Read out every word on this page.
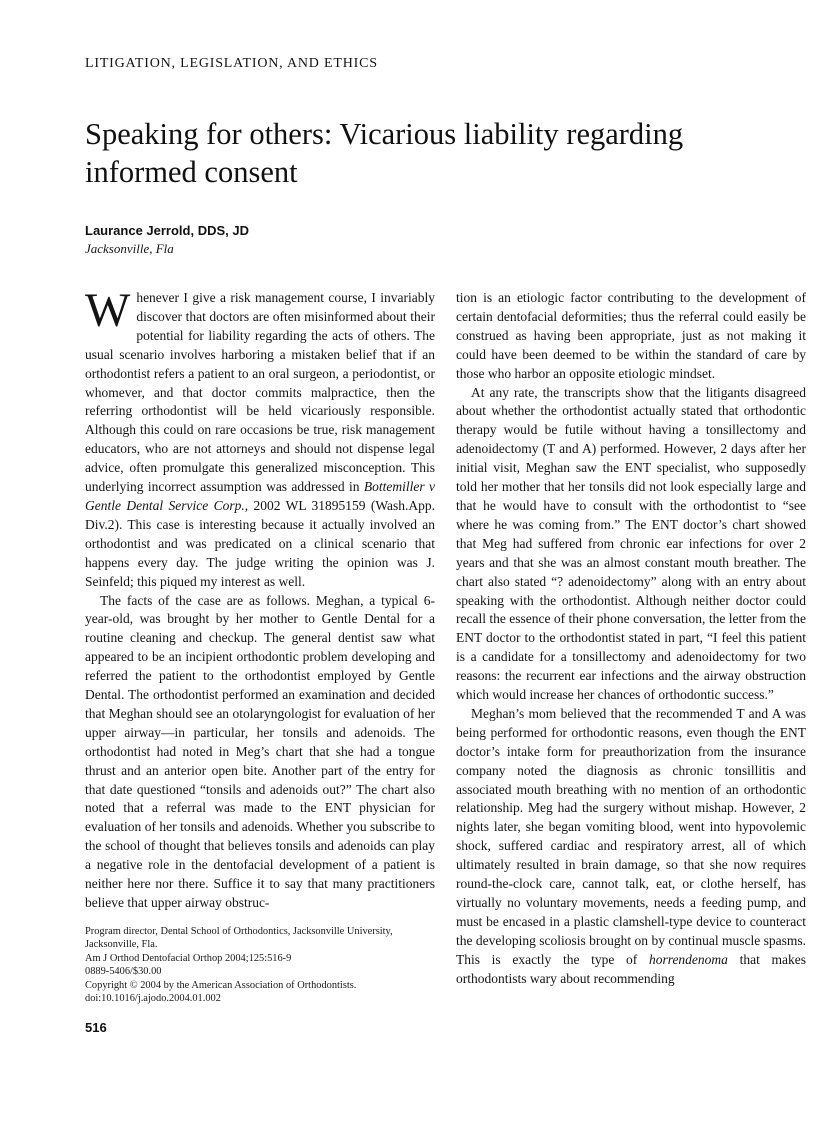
LITIGATION, LEGISLATION, AND ETHICS
Speaking for others: Vicarious liability regarding informed consent
Laurance Jerrold, DDS, JD
Jacksonville, Fla

Whenever I give a risk management course, I invariably discover that doctors are often misinformed about their potential for liability regarding the acts of others. The usual scenario involves harboring a mistaken belief that if an orthodontist refers a patient to an oral surgeon, a periodontist, or whomever, and that doctor commits malpractice, then the referring orthodontist will be held vicariously responsible. Although this could on rare occasions be true, risk management educators, who are not attorneys and should not dispense legal advice, often promulgate this generalized misconception. This underlying incorrect assumption was addressed in Bottemiller v Gentle Dental Service Corp., 2002 WL 31895159 (Wash.App. Div.2). This case is interesting because it actually involved an orthodontist and was predicated on a clinical scenario that happens every day. The judge writing the opinion was J. Seinfeld; this piqued my interest as well.

The facts of the case are as follows. Meghan, a typical 6-year-old, was brought by her mother to Gentle Dental for a routine cleaning and checkup. The general dentist saw what appeared to be an incipient orthodontic problem developing and referred the patient to the orthodontist employed by Gentle Dental. The orthodontist performed an examination and decided that Meghan should see an otolaryngologist for evaluation of her upper airway—in particular, her tonsils and adenoids. The orthodontist had noted in Meg’s chart that she had a tongue thrust and an anterior open bite. Another part of the entry for that date questioned “tonsils and adenoids out?” The chart also noted that a referral was made to the ENT physician for evaluation of her tonsils and adenoids. Whether you subscribe to the school of thought that believes tonsils and adenoids can play a negative role in the dentofacial development of a patient is neither here nor there. Suffice it to say that many practitioners believe that upper airway obstruc-

Program director, Dental School of Orthodontics, Jacksonville University, Jacksonville, Fla.
Am J Orthod Dentofacial Orthop 2004;125:516-9
0889-5406/$30.00
Copyright © 2004 by the American Association of Orthodontists.
doi:10.1016/j.ajodo.2004.01.002
516

tion is an etiologic factor contributing to the development of certain dentofacial deformities; thus the referral could easily be construed as having been appropriate, just as not making it could have been deemed to be within the standard of care by those who harbor an opposite etiologic mindset.

At any rate, the transcripts show that the litigants disagreed about whether the orthodontist actually stated that orthodontic therapy would be futile without having a tonsillectomy and adenoidectomy (T and A) performed. However, 2 days after her initial visit, Meghan saw the ENT specialist, who supposedly told her mother that her tonsils did not look especially large and that he would have to consult with the orthodontist to “see where he was coming from.” The ENT doctor’s chart showed that Meg had suffered from chronic ear infections for over 2 years and that she was an almost constant mouth breather. The chart also stated “? adenoidectomy” along with an entry about speaking with the orthodontist. Although neither doctor could recall the essence of their phone conversation, the letter from the ENT doctor to the orthodontist stated in part, “I feel this patient is a candidate for a tonsillectomy and adenoidectomy for two reasons: the recurrent ear infections and the airway obstruction which would increase her chances of orthodontic success.”

Meghan’s mom believed that the recommended T and A was being performed for orthodontic reasons, even though the ENT doctor’s intake form for preauthorization from the insurance company noted the diagnosis as chronic tonsillitis and associated mouth breathing with no mention of an orthodontic relationship. Meg had the surgery without mishap. However, 2 nights later, she began vomiting blood, went into hypovolemic shock, suffered cardiac and respiratory arrest, all of which ultimately resulted in brain damage, so that she now requires round-the-clock care, cannot talk, eat, or clothe herself, has virtually no voluntary movements, needs a feeding pump, and must be encased in a plastic clamshell-type device to counteract the developing scoliosis brought on by continual muscle spasms. This is exactly the type of horrendenoma that makes orthodontists wary about recommending
